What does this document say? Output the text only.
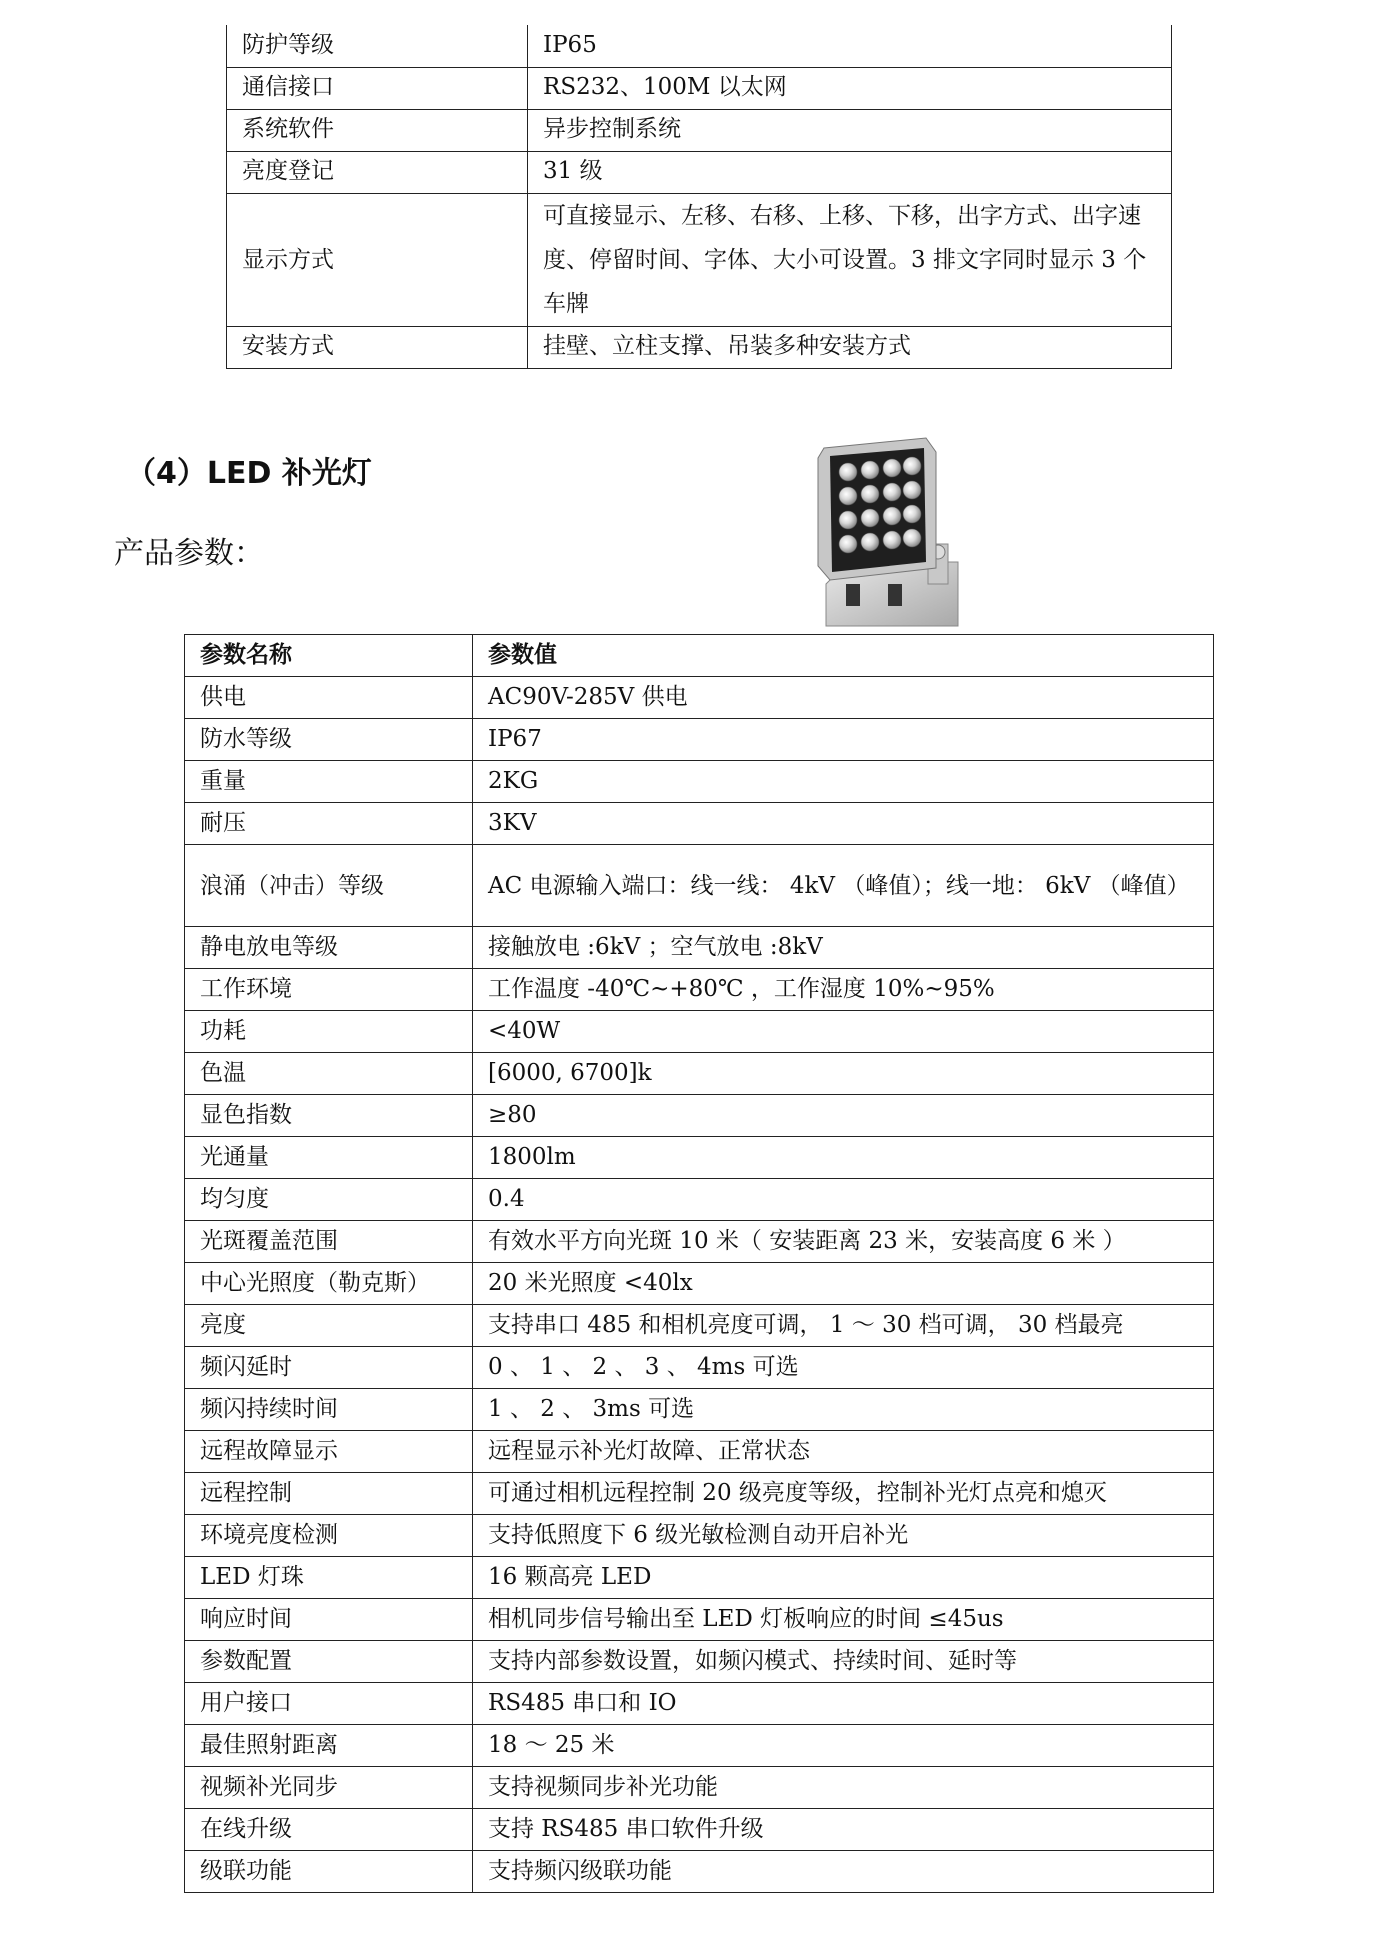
防护等级	IP65
通信接口	RS232、100M 以太网
系统软件	异步控制系统
亮度登记	31 级
显示方式	可直接显示、左移、右移、上移、下移，出字方式、出字速度、停留时间、字体、大小可设置。3 排文字同时显示 3 个车牌
安装方式	挂壁、立柱支撑、吊装多种安装方式
（4）LED 补光灯
产品参数：
参数名称	参数值
供电	AC90V-285V 供电
防水等级	IP67
重量	2KG
耐压	3KV
浪涌（冲击）等级	AC 电源输入端口：线一线： 4kV （峰值）；线一地： 6kV （峰值）
静电放电等级	接触放电 :6kV ；空气放电 :8kV
工作环境	工作温度 -40℃~+80℃ ，工作湿度 10%~95%
功耗	<40W
色温	[6000, 6700]k
显色指数	≥80
光通量	1800lm
均匀度	0.4
光斑覆盖范围	有效水平方向光斑 10 米（ 安装距离 23 米，安装高度 6 米 ）
中心光照度（勒克斯）	20 米光照度 <40lx
亮度	支持串口 485 和相机亮度可调， 1 ～ 30 档可调， 30 档最亮
频闪延时	0 、 1 、 2 、 3 、 4ms 可选
频闪持续时间	1 、 2 、 3ms 可选
远程故障显示	远程显示补光灯故障、正常状态
远程控制	可通过相机远程控制 20 级亮度等级，控制补光灯点亮和熄灭
环境亮度检测	支持低照度下 6 级光敏检测自动开启补光
LED 灯珠	16 颗高亮 LED
响应时间	相机同步信号输出至 LED 灯板响应的时间 ≤45us
参数配置	支持内部参数设置，如频闪模式、持续时间、延时等
用户接口	RS485 串口和 IO
最佳照射距离	18 ～ 25 米
视频补光同步	支持视频同步补光功能
在线升级	支持 RS485 串口软件升级
级联功能	支持频闪级联功能
